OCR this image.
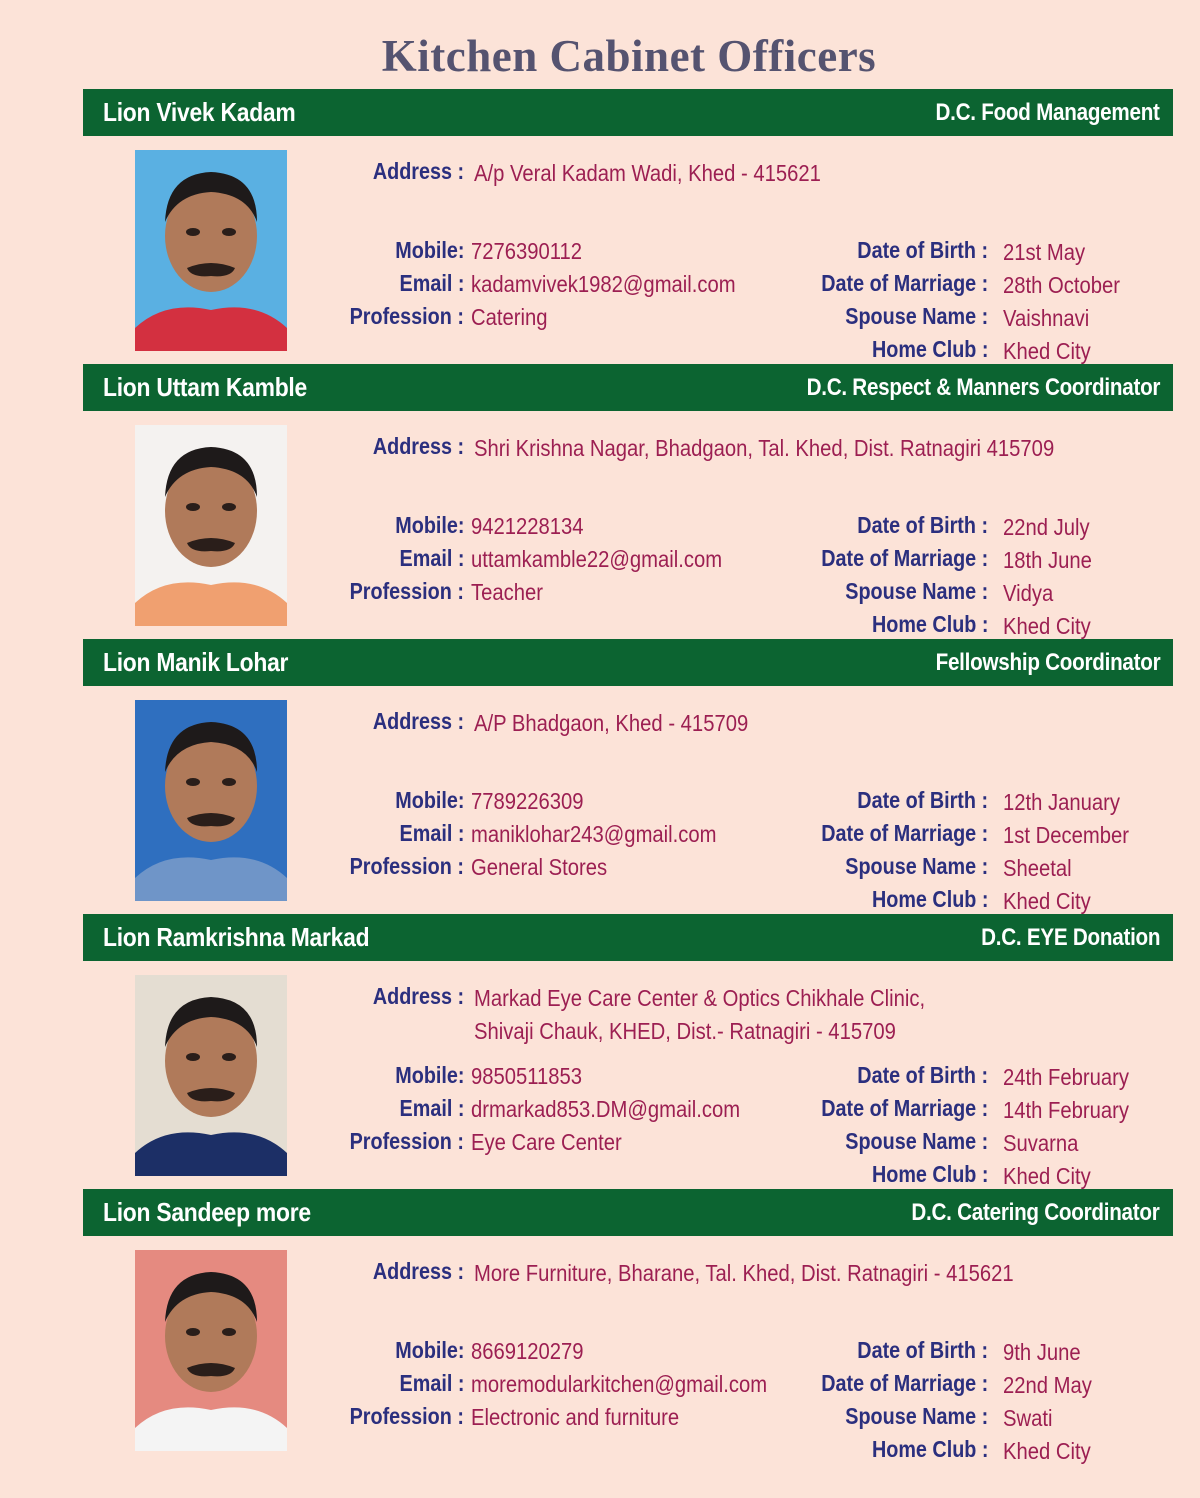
Kitchen Cabinet Officers
Lion Vivek Kadam	D.C. Food Management
Address : A/p Veral Kadam Wadi, Khed - 415621
Mobile: 7276390112
Email : kadamvivek1982@gmail.com
Profession : Catering
Date of Birth : 21st May
Date of Marriage : 28th October
Spouse Name : Vaishnavi
Home Club : Khed City
Lion Uttam Kamble	D.C. Respect & Manners Coordinator
Address : Shri Krishna Nagar, Bhadgaon, Tal. Khed, Dist. Ratnagiri 415709
Mobile: 9421228134
Email : uttamkamble22@gmail.com
Profession : Teacher
Date of Birth : 22nd July
Date of Marriage : 18th June
Spouse Name : Vidya
Home Club : Khed City
Lion Manik Lohar	Fellowship Coordinator
Address : A/P Bhadgaon, Khed - 415709
Mobile: 7789226309
Email : maniklohar243@gmail.com
Profession : General Stores
Date of Birth : 12th January
Date of Marriage : 1st December
Spouse Name : Sheetal
Home Club : Khed City
Lion Ramkrishna Markad	D.C. EYE Donation
Address : Markad Eye Care Center & Optics Chikhale Clinic,
Shivaji Chauk, KHED, Dist.- Ratnagiri - 415709
Mobile: 9850511853
Email : drmarkad853.DM@gmail.com
Profession : Eye Care Center
Date of Birth : 24th February
Date of Marriage : 14th February
Spouse Name : Suvarna
Home Club : Khed City
Lion Sandeep more	D.C. Catering Coordinator
Address : More Furniture, Bharane, Tal. Khed, Dist. Ratnagiri - 415621
Mobile: 8669120279
Email : moremodularkitchen@gmail.com
Profession : Electronic and furniture
Date of Birth : 9th June
Date of Marriage : 22nd May
Spouse Name : Swati
Home Club : Khed City
